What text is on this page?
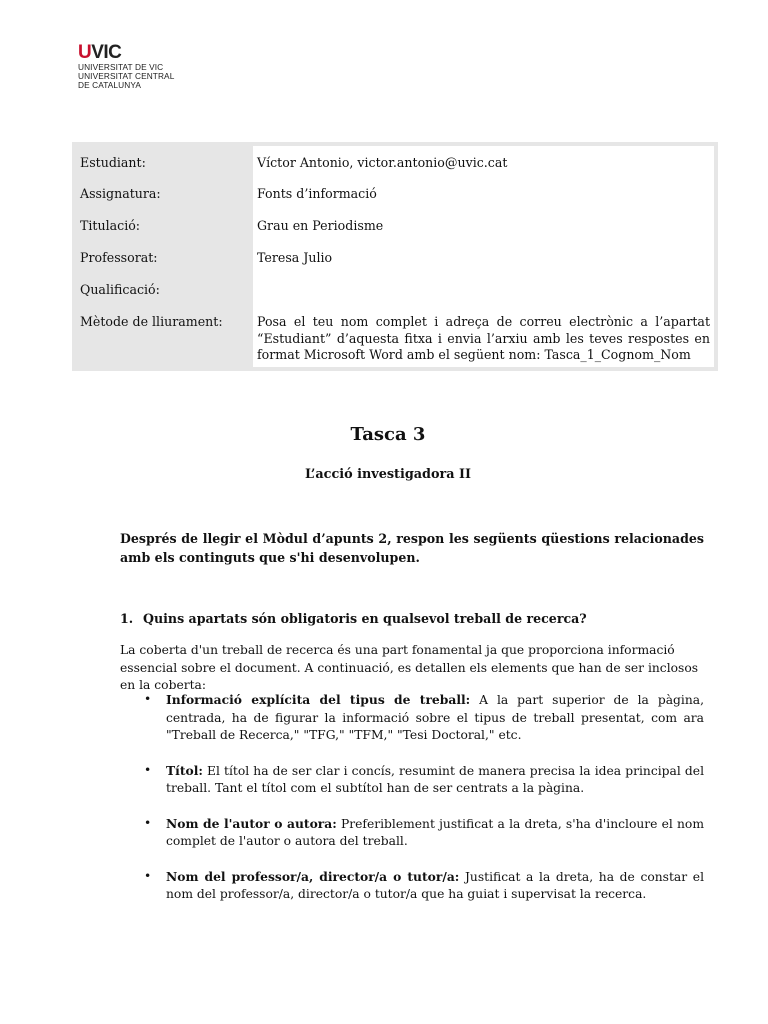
UVIC
UNIVERSITAT DE VIC
UNIVERSITAT CENTRAL
DE CATALUNYA
Estudiant:	Víctor Antonio, victor.antonio@uvic.cat
Assignatura:	Fonts d’informació
Titulació:	Grau en Periodisme
Professorat:	Teresa Julio
Qualificació:
Mètode de lliurament:	Posa el teu nom complet i adreça de correu electrònic a l’apartat “Estudiant” d’aquesta fitxa i envia l’arxiu amb les teves respostes en format Microsoft Word amb el següent nom: Tasca_1_Cognom_Nom
Tasca 3
L’acció investigadora II
Després de llegir el Mòdul d’apunts 2, respon les següents qüestions relacionades amb els continguts que s'hi desenvolupen.
1. Quins apartats són obligatoris en qualsevol treball de recerca?
La coberta d'un treball de recerca és una part fonamental ja que proporciona informació essencial sobre el document. A continuació, es detallen els elements que han de ser inclosos en la coberta:
• Informació explícita del tipus de treball: A la part superior de la pàgina, centrada, ha de figurar la informació sobre el tipus de treball presentat, com ara "Treball de Recerca," "TFG," "TFM," "Tesi Doctoral," etc.
• Títol: El títol ha de ser clar i concís, resumint de manera precisa la idea principal del treball. Tant el títol com el subtítol han de ser centrats a la pàgina.
• Nom de l'autor o autora: Preferiblement justificat a la dreta, s'ha d'incloure el nom complet de l'autor o autora del treball.
• Nom del professor/a, director/a o tutor/a: Justificat a la dreta, ha de constar el nom del professor/a, director/a o tutor/a que ha guiat i supervisat la recerca.
